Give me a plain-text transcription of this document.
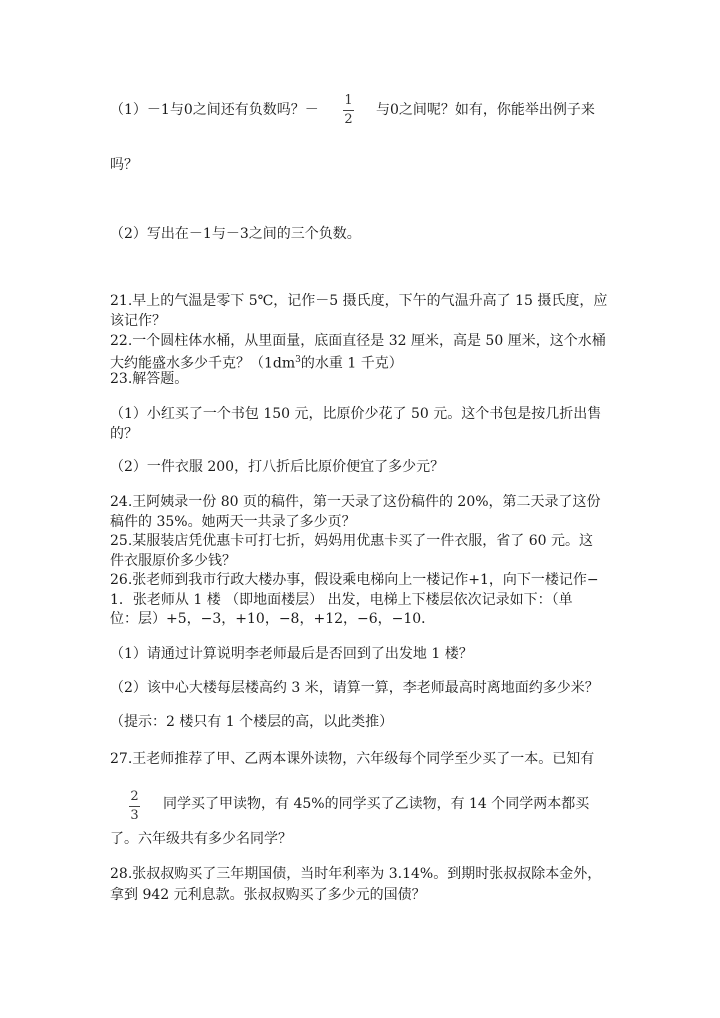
（1）－1与0之间还有负数吗？－
1
2
与0之间呢？如有，你能举出例子来
吗？
（2）写出在－1与－3之间的三个负数。
21.早上的气温是零下 5℃，记作－5 摄氏度，下午的气温升高了 15 摄氏度，应
该记作？
22.一个圆柱体水桶，从里面量，底面直径是 32 厘米，高是 50 厘米，这个水桶
大约能盛水多少千克？（$1dm^3$的水重 1 千克）
23.解答题。
（1）小红买了一个书包 150 元，比原价少花了 50 元。这个书包是按几折出售
的？
（2）一件衣服 200，打八折后比原价便宜了多少元？
24.王阿姨录一份 80 页的稿件，第一天录了这份稿件的 20%，第二天录了这份
稿件的 35%。她两天一共录了多少页？
25.某服装店凭优惠卡可打七折，妈妈用优惠卡买了一件衣服，省了 60 元。这
件衣服原价多少钱？
26.张老师到我市行政大楼办事，假设乘电梯向上一楼记作+1，向下一楼记作−
1．张老师从 1 楼 （即地面楼层） 出发，电梯上下楼层依次记录如下：（单
位：层）+5，−3，+10，−8，+12，−6，−10．
（1）请通过计算说明李老师最后是否回到了出发地 1 楼？
（2）该中心大楼每层楼高约 3 米，请算一算，李老师最高时离地面约多少米？
（提示：2 楼只有 1 个楼层的高，以此类推）
27.王老师推荐了甲、乙两本课外读物，六年级每个同学至少买了一本。已知有
2
3
同学买了甲读物，有 45%的同学买了乙读物，有 14 个同学两本都买
了。六年级共有多少名同学？
28.张叔叔购买了三年期国债，当时年利率为 3.14%。到期时张叔叔除本金外，
拿到 942 元利息款。张叔叔购买了多少元的国债？
